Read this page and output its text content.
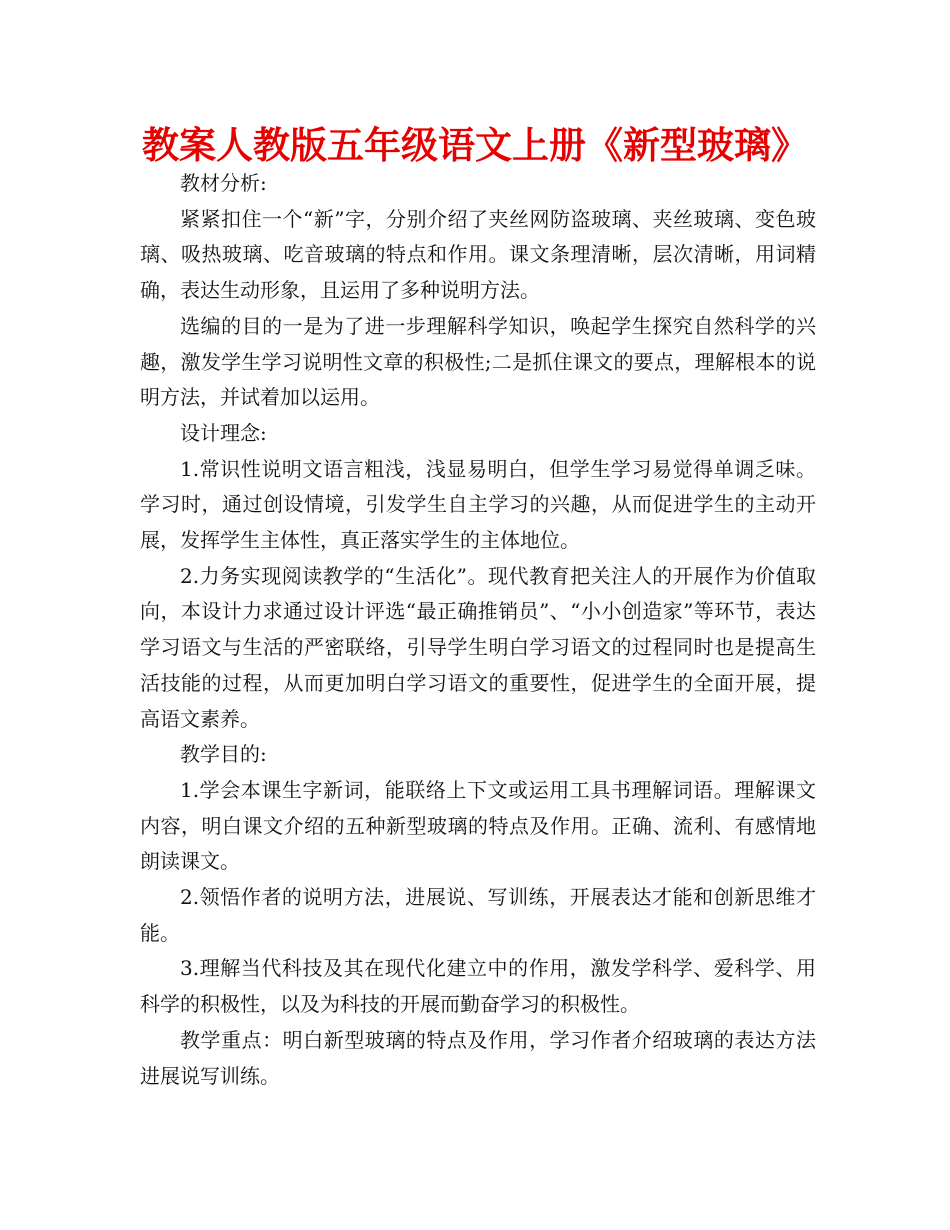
教案人教版五年级语文上册《新型玻璃》

教材分析:

紧紧扣住一个“新”字，分别介绍了夹丝网防盗玻璃、夹丝玻璃、变色玻璃、吸热玻璃、吃音玻璃的特点和作用。课文条理清晰，层次清晰，用词精确，表达生动形象，且运用了多种说明方法。

选编的目的一是为了进一步理解科学知识，唤起学生探究自然科学的兴趣，激发学生学习说明性文章的积极性;二是抓住课文的要点，理解根本的说明方法，并试着加以运用。

设计理念:

1.常识性说明文语言粗浅，浅显易明白，但学生学习易觉得单调乏味。学习时，通过创设情境，引发学生自主学习的兴趣，从而促进学生的主动开展，发挥学生主体性，真正落实学生的主体地位。

2.力务实现阅读教学的“生活化”。现代教育把关注人的开展作为价值取向，本设计力求通过设计评选“最正确推销员”、“小小创造家”等环节，表达学习语文与生活的严密联络，引导学生明白学习语文的过程同时也是提高生活技能的过程，从而更加明白学习语文的重要性，促进学生的全面开展，提高语文素养。

教学目的:

1.学会本课生字新词，能联络上下文或运用工具书理解词语。理解课文内容，明白课文介绍的五种新型玻璃的特点及作用。正确、流利、有感情地朗读课文。

2.领悟作者的说明方法，进展说、写训练，开展表达才能和创新思维才能。

3.理解当代科技及其在现代化建立中的作用，激发学科学、爱科学、用科学的积极性，以及为科技的开展而勤奋学习的积极性。

教学重点：明白新型玻璃的特点及作用，学习作者介绍玻璃的表达方法进展说写训练。
